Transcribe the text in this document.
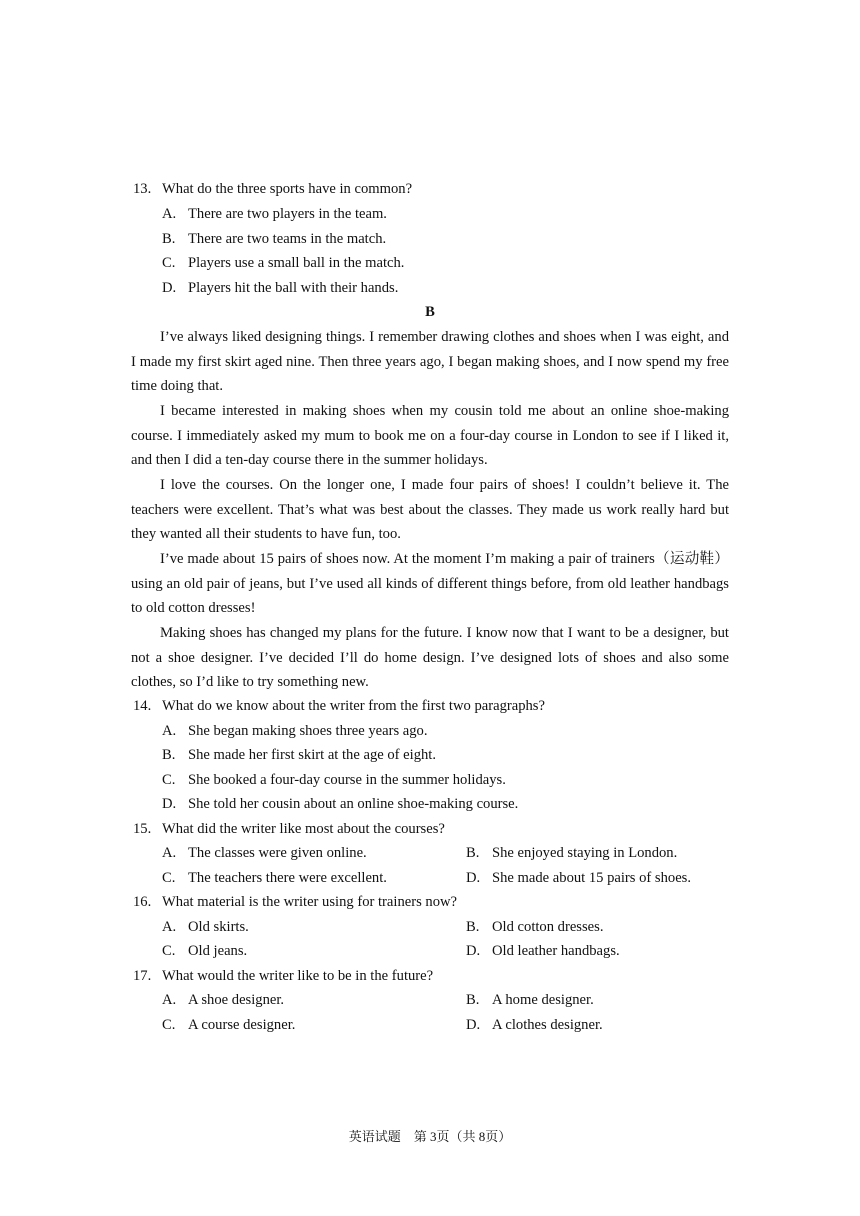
13. What do the three sports have in common?
A. There are two players in the team.
B. There are two teams in the match.
C. Players use a small ball in the match.
D. Players hit the ball with their hands.
B
I’ve always liked designing things. I remember drawing clothes and shoes when I was eight, and I made my first skirt aged nine. Then three years ago, I began making shoes, and I now spend my free time doing that.
I became interested in making shoes when my cousin told me about an online shoe-making course. I immediately asked my mum to book me on a four-day course in London to see if I liked it, and then I did a ten-day course there in the summer holidays.
I love the courses. On the longer one, I made four pairs of shoes! I couldn’t believe it. The teachers were excellent. That’s what was best about the classes. They made us work really hard but they wanted all their students to have fun, too.
I’ve made about 15 pairs of shoes now. At the moment I’m making a pair of trainers（运动鞋）using an old pair of jeans, but I’ve used all kinds of different things before, from old leather handbags to old cotton dresses!
Making shoes has changed my plans for the future. I know now that I want to be a designer, but not a shoe designer. I’ve decided I’ll do home design. I’ve designed lots of shoes and also some clothes, so I’d like to try something new.
14. What do we know about the writer from the first two paragraphs?
A. She began making shoes three years ago.
B. She made her first skirt at the age of eight.
C. She booked a four-day course in the summer holidays.
D. She told her cousin about an online shoe-making course.
15. What did the writer like most about the courses?
A. The classes were given online.	B. She enjoyed staying in London.
C. The teachers there were excellent.	D. She made about 15 pairs of shoes.
16. What material is the writer using for trainers now?
A. Old skirts.	B. Old cotton dresses.
C. Old jeans.	D. Old leather handbags.
17. What would the writer like to be in the future?
A. A shoe designer.	B. A home designer.
C. A course designer.	D. A clothes designer.
英语试题　第 3页（共 8页）
